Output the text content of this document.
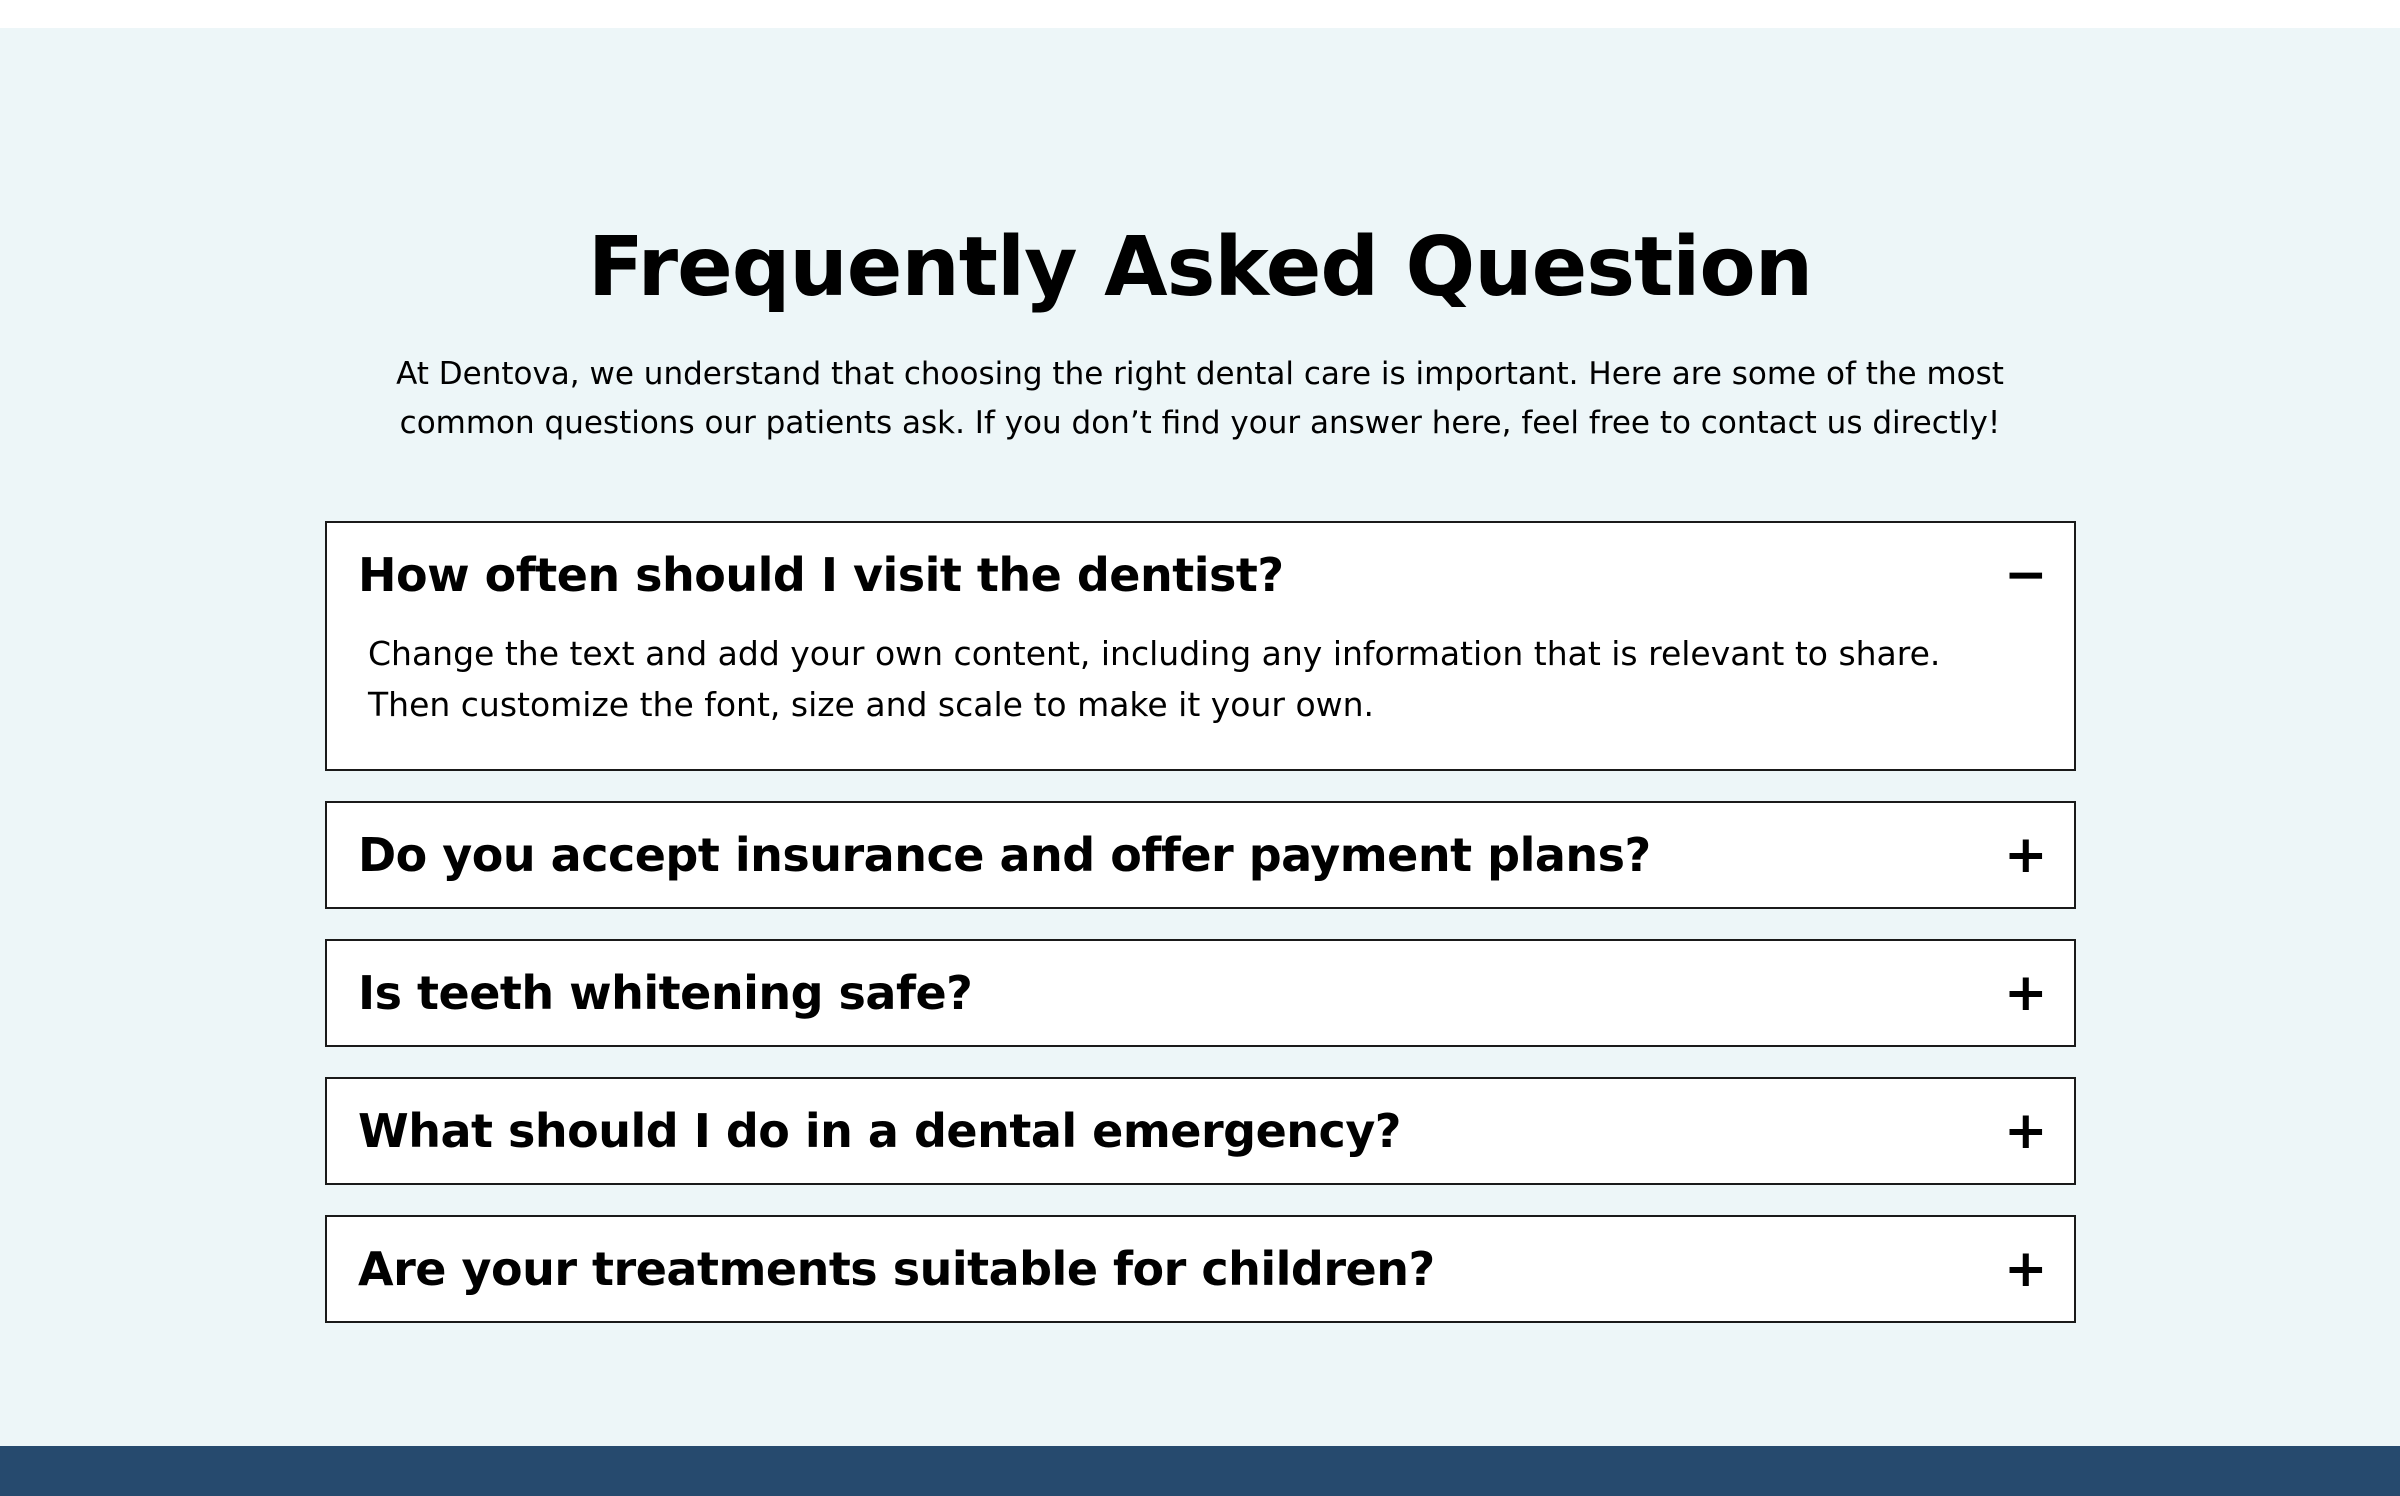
Frequently Asked Question

At Dentova, we understand that choosing the right dental care is important. Here are some of the most
common questions our patients ask. If you don’t find your answer here, feel free to contact us directly!

How often should I visit the dentist?	−

Change the text and add your own content, including any information that is relevant to share. Then customize the font, size and scale to make it your own.

Do you accept insurance and offer payment plans?	+
Is teeth whitening safe?	+
What should I do in a dental emergency?	+
Are your treatments suitable for children?	+
